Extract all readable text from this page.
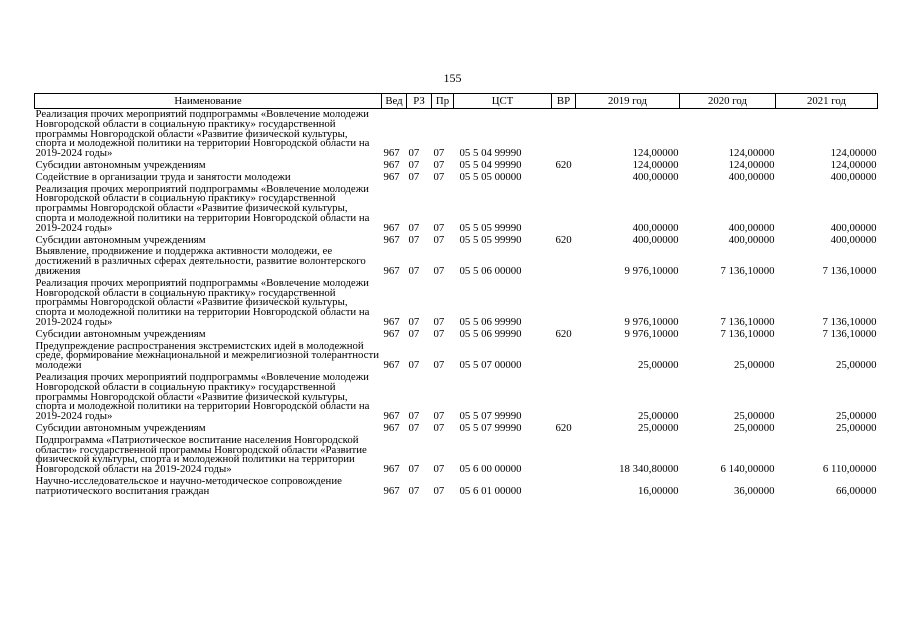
155
Наименование	Вед	РЗ	Пр	ЦСТ	ВР	2019 год	2020 год	2021 год
Реализация прочих мероприятий подпрограммы «Вовлечение молодежи Новгородской области в социальную практику» государственной программы Новгородской области «Развитие физической культуры, спорта и молодежной политики на территории Новгородской области на 2019-2024 годы»	967	07	07	05 5 04 99990		124,00000	124,00000	124,00000
Субсидии автономным учреждениям	967	07	07	05 5 04 99990	620	124,00000	124,00000	124,00000
Содействие в организации труда и занятости молодежи	967	07	07	05 5 05 00000		400,00000	400,00000	400,00000
Реализация прочих мероприятий подпрограммы «Вовлечение молодежи Новгородской области в социальную практику» государственной программы Новгородской области «Развитие физической культуры, спорта и молодежной политики на территории Новгородской области на 2019-2024 годы»	967	07	07	05 5 05 99990		400,00000	400,00000	400,00000
Субсидии автономным учреждениям	967	07	07	05 5 05 99990	620	400,00000	400,00000	400,00000
Выявление, продвижение и поддержка активности молодежи, ее достижений в различных сферах деятельности, развитие волонтерского движения	967	07	07	05 5 06 00000		9 976,10000	7 136,10000	7 136,10000
Реализация прочих мероприятий подпрограммы «Вовлечение молодежи Новгородской области в социальную практику» государственной программы Новгородской области «Развитие физической культуры, спорта и молодежной политики на территории Новгородской области на 2019-2024 годы»	967	07	07	05 5 06 99990		9 976,10000	7 136,10000	7 136,10000
Субсидии автономным учреждениям	967	07	07	05 5 06 99990	620	9 976,10000	7 136,10000	7 136,10000
Предупреждение распространения экстремистских идей в молодежной среде, формирование межнациональной и межрелигиозной толерантности молодежи	967	07	07	05 5 07 00000		25,00000	25,00000	25,00000
Реализация прочих мероприятий подпрограммы «Вовлечение молодежи Новгородской области в социальную практику» государственной программы Новгородской области «Развитие физической культуры, спорта и молодежной политики на территории Новгородской области на 2019-2024 годы»	967	07	07	05 5 07 99990		25,00000	25,00000	25,00000
Субсидии автономным учреждениям	967	07	07	05 5 07 99990	620	25,00000	25,00000	25,00000
Подпрограмма «Патриотическое воспитание населения Новгородской области» государственной программы Новгородской области «Развитие физической культуры, спорта и молодежной политики на территории Новгородской области на 2019-2024 годы»	967	07	07	05 6 00 00000		18 340,80000	6 140,00000	6 110,00000
Научно-исследовательское и научно-методическое сопровождение патриотического воспитания граждан	967	07	07	05 6 01 00000		16,00000	36,00000	66,00000
